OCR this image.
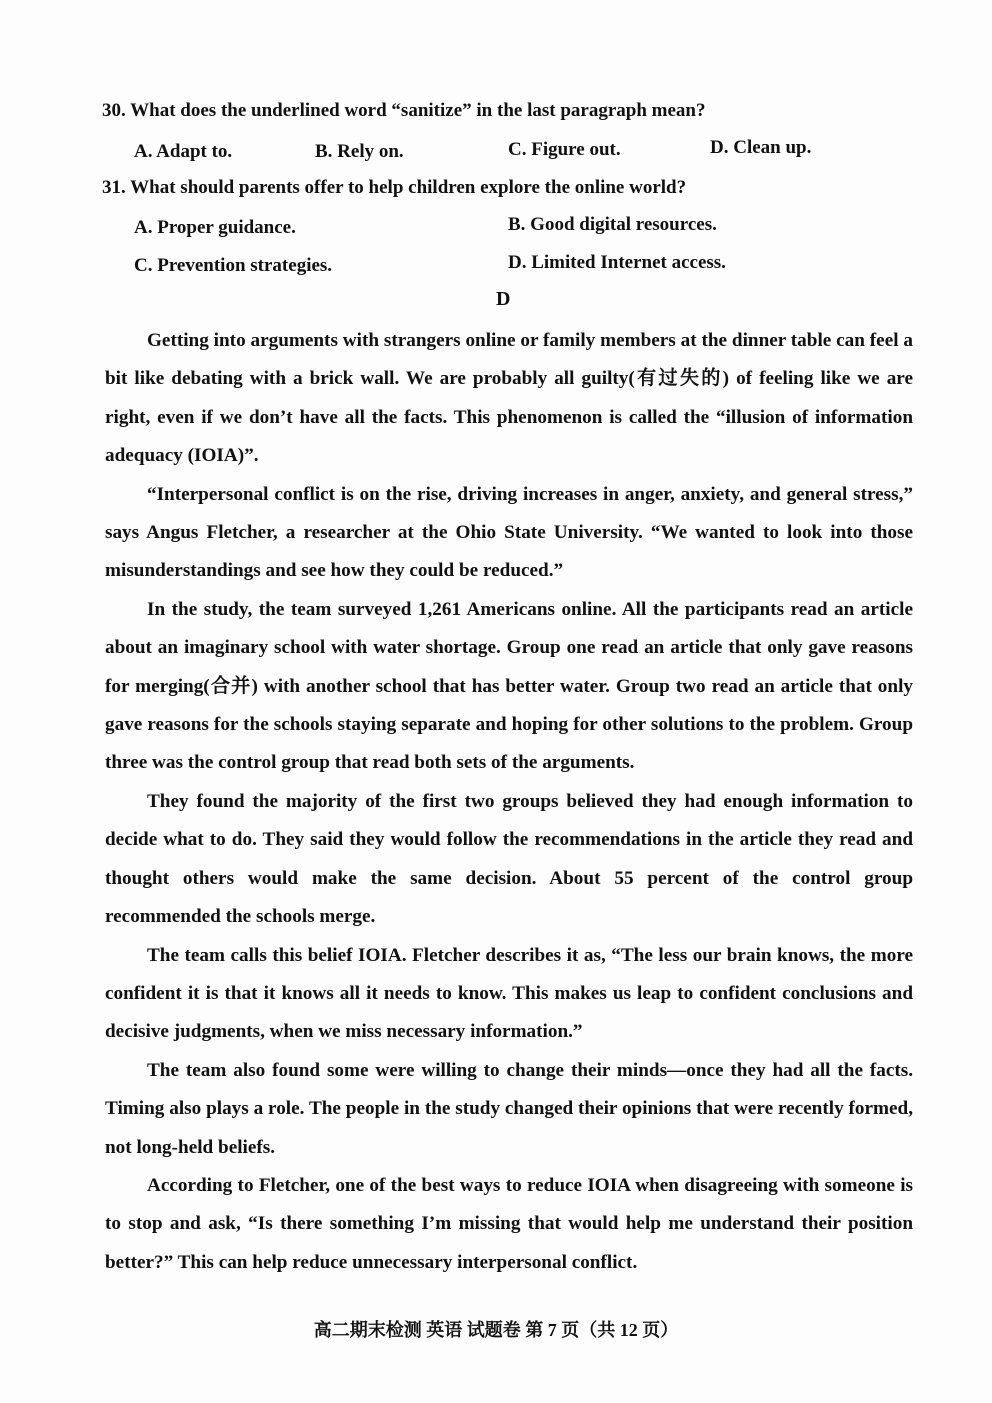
30. What does the underlined word “sanitize” in the last paragraph mean?
A. Adapt to.	B. Rely on.	C. Figure out.	D. Clean up.
31. What should parents offer to help children explore the online world?
A. Proper guidance.	B. Good digital resources.
C. Prevention strategies.	D. Limited Internet access.
D

Getting into arguments with strangers online or family members at the dinner table can feel a bit like debating with a brick wall. We are probably all guilty(有过失的) of feeling like we are right, even if we don’t have all the facts. This phenomenon is called the “illusion of information adequacy (IOIA)”.

“Interpersonal conflict is on the rise, driving increases in anger, anxiety, and general stress,” says Angus Fletcher, a researcher at the Ohio State University. “We wanted to look into those misunderstandings and see how they could be reduced.”

In the study, the team surveyed 1,261 Americans online. All the participants read an article about an imaginary school with water shortage. Group one read an article that only gave reasons for merging(合并) with another school that has better water. Group two read an article that only gave reasons for the schools staying separate and hoping for other solutions to the problem. Group three was the control group that read both sets of the arguments.

They found the majority of the first two groups believed they had enough information to decide what to do. They said they would follow the recommendations in the article they read and thought others would make the same decision. About 55 percent of the control group recommended the schools merge.

The team calls this belief IOIA. Fletcher describes it as, “The less our brain knows, the more confident it is that it knows all it needs to know. This makes us leap to confident conclusions and decisive judgments, when we miss necessary information.”

The team also found some were willing to change their minds—once they had all the facts. Timing also plays a role. The people in the study changed their opinions that were recently formed, not long-held beliefs.

According to Fletcher, one of the best ways to reduce IOIA when disagreeing with someone is to stop and ask, “Is there something I’m missing that would help me understand their position better?” This can help reduce unnecessary interpersonal conflict.

高二期末检测 英语 试题卷 第 7 页（共 12 页）
